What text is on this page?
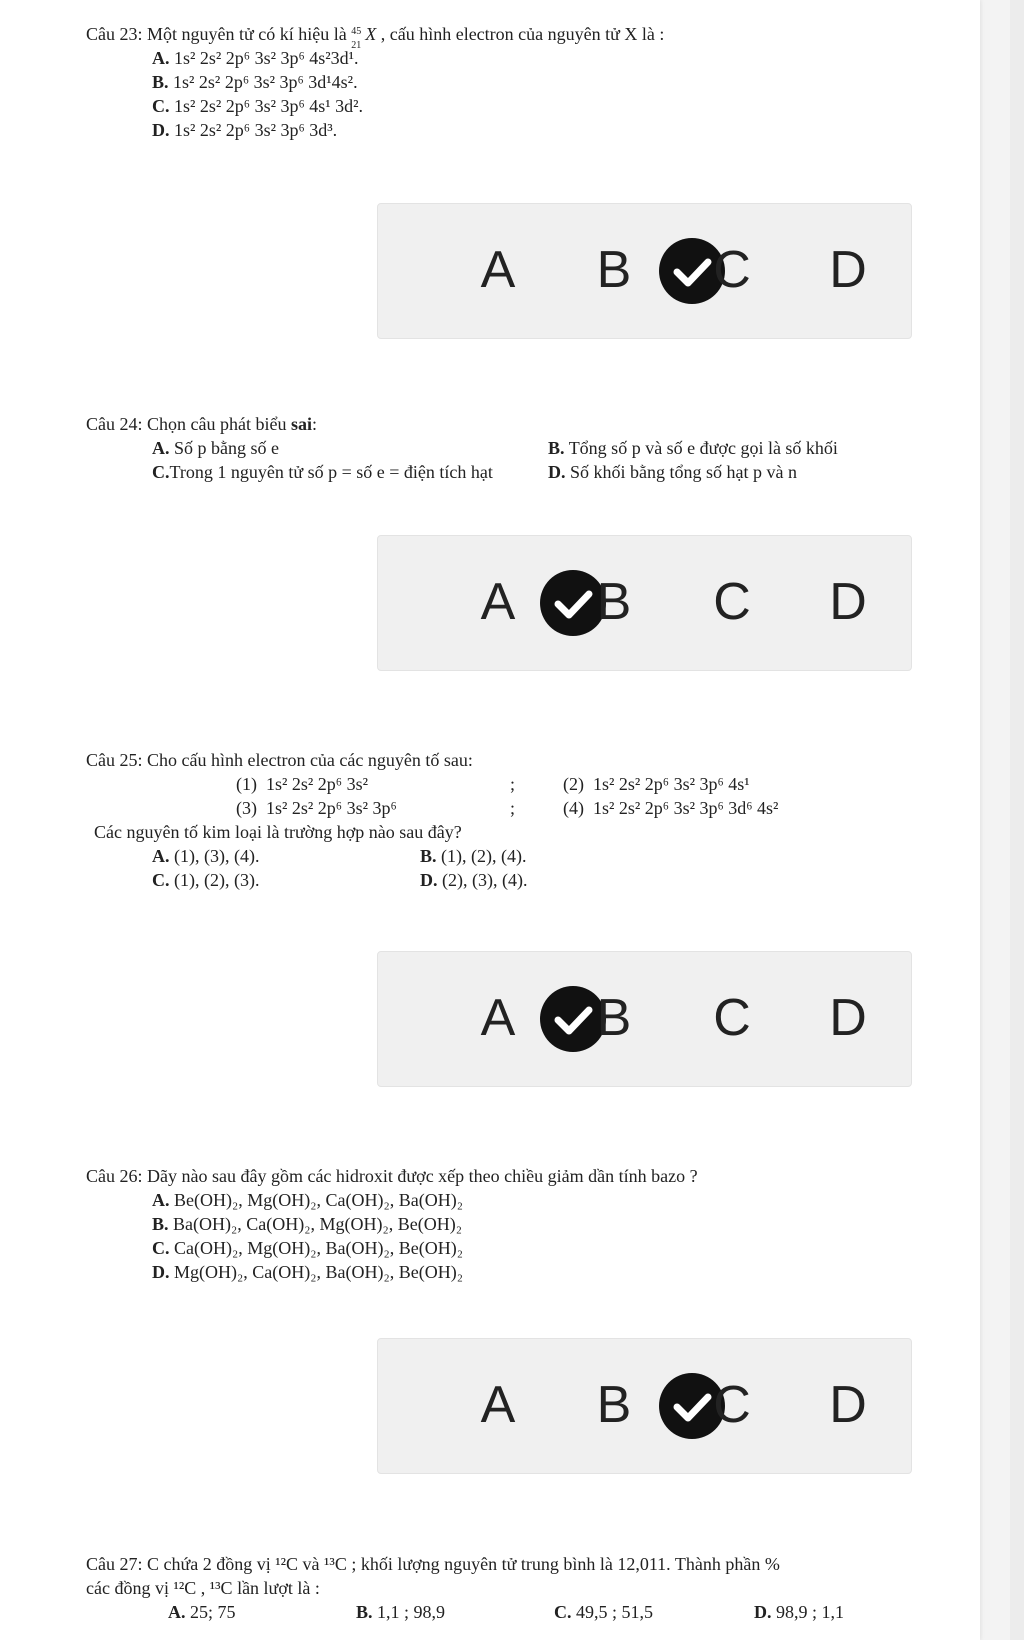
Câu 23: Một nguyên tử có kí hiệu là 45
21
X , cấu hình electron của nguyên tử X là :
A. 1s² 2s² 2p⁶ 3s² 3p⁶ 4s²3d¹.
B. 1s² 2s² 2p⁶ 3s² 3p⁶ 3d¹4s².
C. 1s² 2s² 2p⁶ 3s² 3p⁶ 4s¹ 3d².
D. 1s² 2s² 2p⁶ 3s² 3p⁶ 3d³.
A B C D
Câu 24: Chọn câu phát biểu sai:
A. Số p bằng số e	B. Tổng số p và số e được gọi là số khối
C.Trong 1 nguyên tử số p = số e = điện tích hạt	D. Số khối bằng tổng số hạt p và n
A B C D
Câu 25: Cho cấu hình electron của các nguyên tố sau:
(1) 1s² 2s² 2p⁶ 3s²	;	(2) 1s² 2s² 2p⁶ 3s² 3p⁶ 4s¹
(3) 1s² 2s² 2p⁶ 3s² 3p⁶	;	(4) 1s² 2s² 2p⁶ 3s² 3p⁶ 3d⁶ 4s²
Các nguyên tố kim loại là trường hợp nào sau đây?
A. (1), (3), (4).	B. (1), (2), (4).
C. (1), (2), (3).	D. (2), (3), (4).
A B C D
Câu 26: Dãy nào sau đây gồm các hidroxit được xếp theo chiều giảm dần tính bazo ?
A. Be(OH)₂, Mg(OH)₂, Ca(OH)₂, Ba(OH)₂
B. Ba(OH)₂, Ca(OH)₂, Mg(OH)₂, Be(OH)₂
C. Ca(OH)₂, Mg(OH)₂, Ba(OH)₂, Be(OH)₂
D. Mg(OH)₂, Ca(OH)₂, Ba(OH)₂, Be(OH)₂
A B C D
Câu 27: C chứa 2 đồng vị ¹²C và ¹³C ; khối lượng nguyên tử trung bình là 12,011. Thành phần %
các đồng vị ¹²C , ¹³C lần lượt là :
A. 25; 75	B. 1,1 ; 98,9	C. 49,5 ; 51,5	D. 98,9 ; 1,1
